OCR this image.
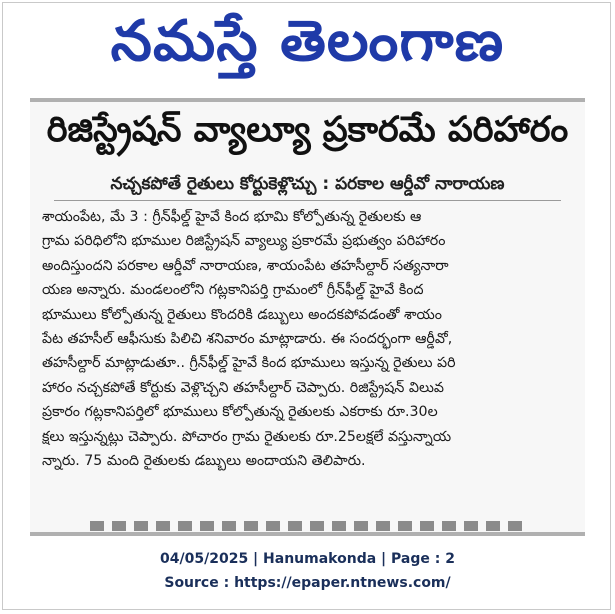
నమస్తే తెలంగాణ
రిజిస్ట్రేషన్ వ్యాల్యూ ప్రకారమే పరిహారం
నచ్చకపోతే రైతులు కోర్టుకెళ్లొచ్చు : పరకాల ఆర్డీవో నారాయణ
శాయంపేట, మే 3 : గ్రీన్‌ఫీల్డ్ హైవే కింద భూమి కోల్పోతున్న రైతులకు ఆ
గ్రామ పరిధిలోని భూముల రిజిస్ట్రేషన్ వ్యాల్యు ప్రకారమే ప్రభుత్వం పరిహారం
అందిస్తుందని పరకాల ఆర్డీవో నారాయణ, శాయంపేట తహసీల్దార్ సత్యనారా
యణ అన్నారు. మండలంలోని గట్లకానిపర్తి గ్రామంలో గ్రీన్‌ఫీల్డ్ హైవే కింద
భూములు కోల్పోతున్న రైతులు కొందరికి డబ్బులు అందకపోవడంతో శాయం
పేట తహసీల్ ఆఫీసుకు పిలిచి శనివారం మాట్లాడారు. ఈ సందర్భంగా ఆర్డీవో,
తహసీల్దార్ మాట్లాడుతూ.. గ్రీన్‌ఫీల్డ్ హైవే కింద భూములు ఇస్తున్న రైతులు పరి
హారం నచ్చకపోతే కోర్టుకు వెళ్లొచ్చని తహసీల్దార్ చెప్పారు. రిజిస్ట్రేషన్ విలువ
ప్రకారం గట్లకానిపర్తిలో భూములు కోల్పోతున్న రైతులకు ఎకరాకు రూ.30ల
క్షలు ఇస్తున్నట్లు చెప్పారు. పోచారం గ్రామ రైతులకు రూ.25లక్షలే వస్తున్నాయ
న్నారు. 75 మంది రైతులకు డబ్బులు అందాయని తెలిపారు.
04/05/2025 | Hanumakonda | Page : 2
Source : https://epaper.ntnews.com/
